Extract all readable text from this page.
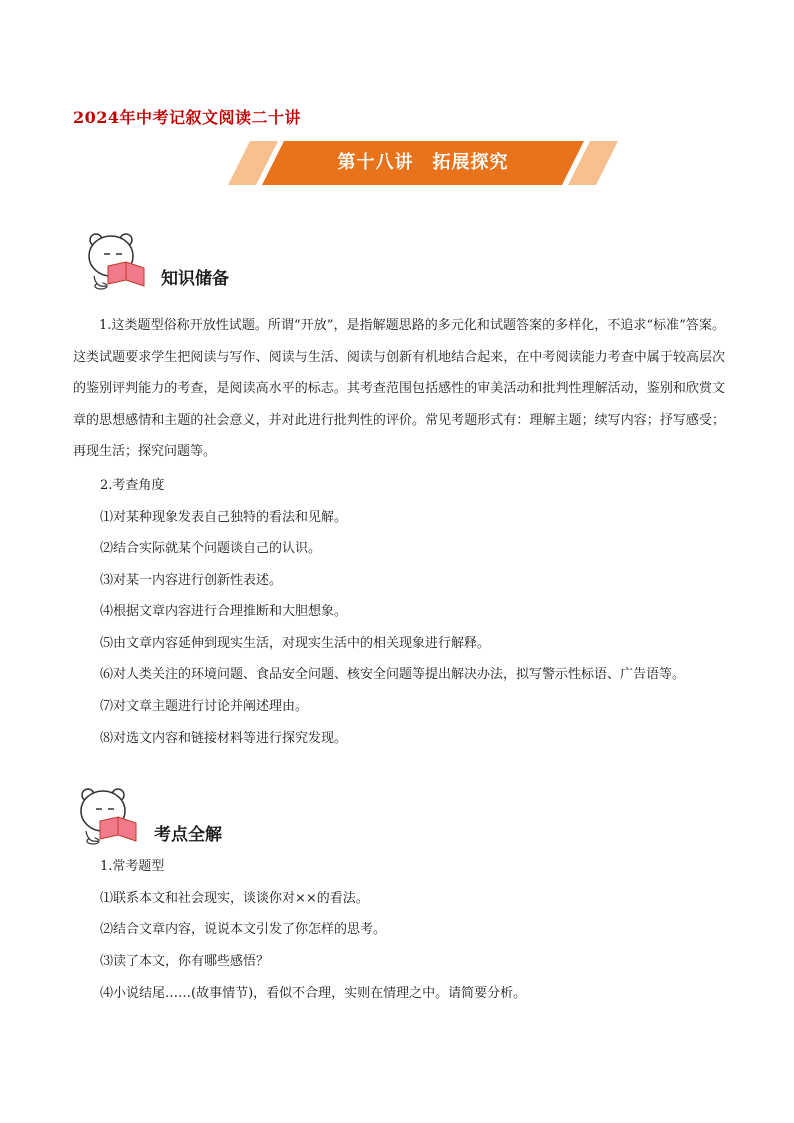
2024年中考记叙文阅读二十讲
第十八讲　拓展探究
知识储备

1.这类题型俗称开放性试题。所谓“开放”，是指解题思路的多元化和试题答案的多样化，不追求“标准”答案。这类试题要求学生把阅读与写作、阅读与生活、阅读与创新有机地结合起来，在中考阅读能力考查中属于较高层次的鉴别评判能力的考查，是阅读高水平的标志。其考查范围包括感性的审美活动和批判性理解活动，鉴别和欣赏文章的思想感情和主题的社会意义，并对此进行批判性的评价。常见考题形式有：理解主题；续写内容；抒写感受；再现生活；探究问题等。

2.考查角度
⑴对某种现象发表自己独特的看法和见解。
⑵结合实际就某个问题谈自己的认识。
⑶对某一内容进行创新性表述。
⑷根据文章内容进行合理推断和大胆想象。
⑸由文章内容延伸到现实生活，对现实生活中的相关现象进行解释。
⑹对人类关注的环境问题、食品安全问题、核安全问题等提出解决办法，拟写警示性标语、广告语等。
⑺对文章主题进行讨论并阐述理由。
⑻对选文内容和链接材料等进行探究发现。
考点全解
1.常考题型
⑴联系本文和社会现实，谈谈你对××的看法。
⑵结合文章内容，说说本文引发了你怎样的思考。
⑶读了本文，你有哪些感悟？
⑷小说结尾……(故事情节)，看似不合理，实则在情理之中。请简要分析。
